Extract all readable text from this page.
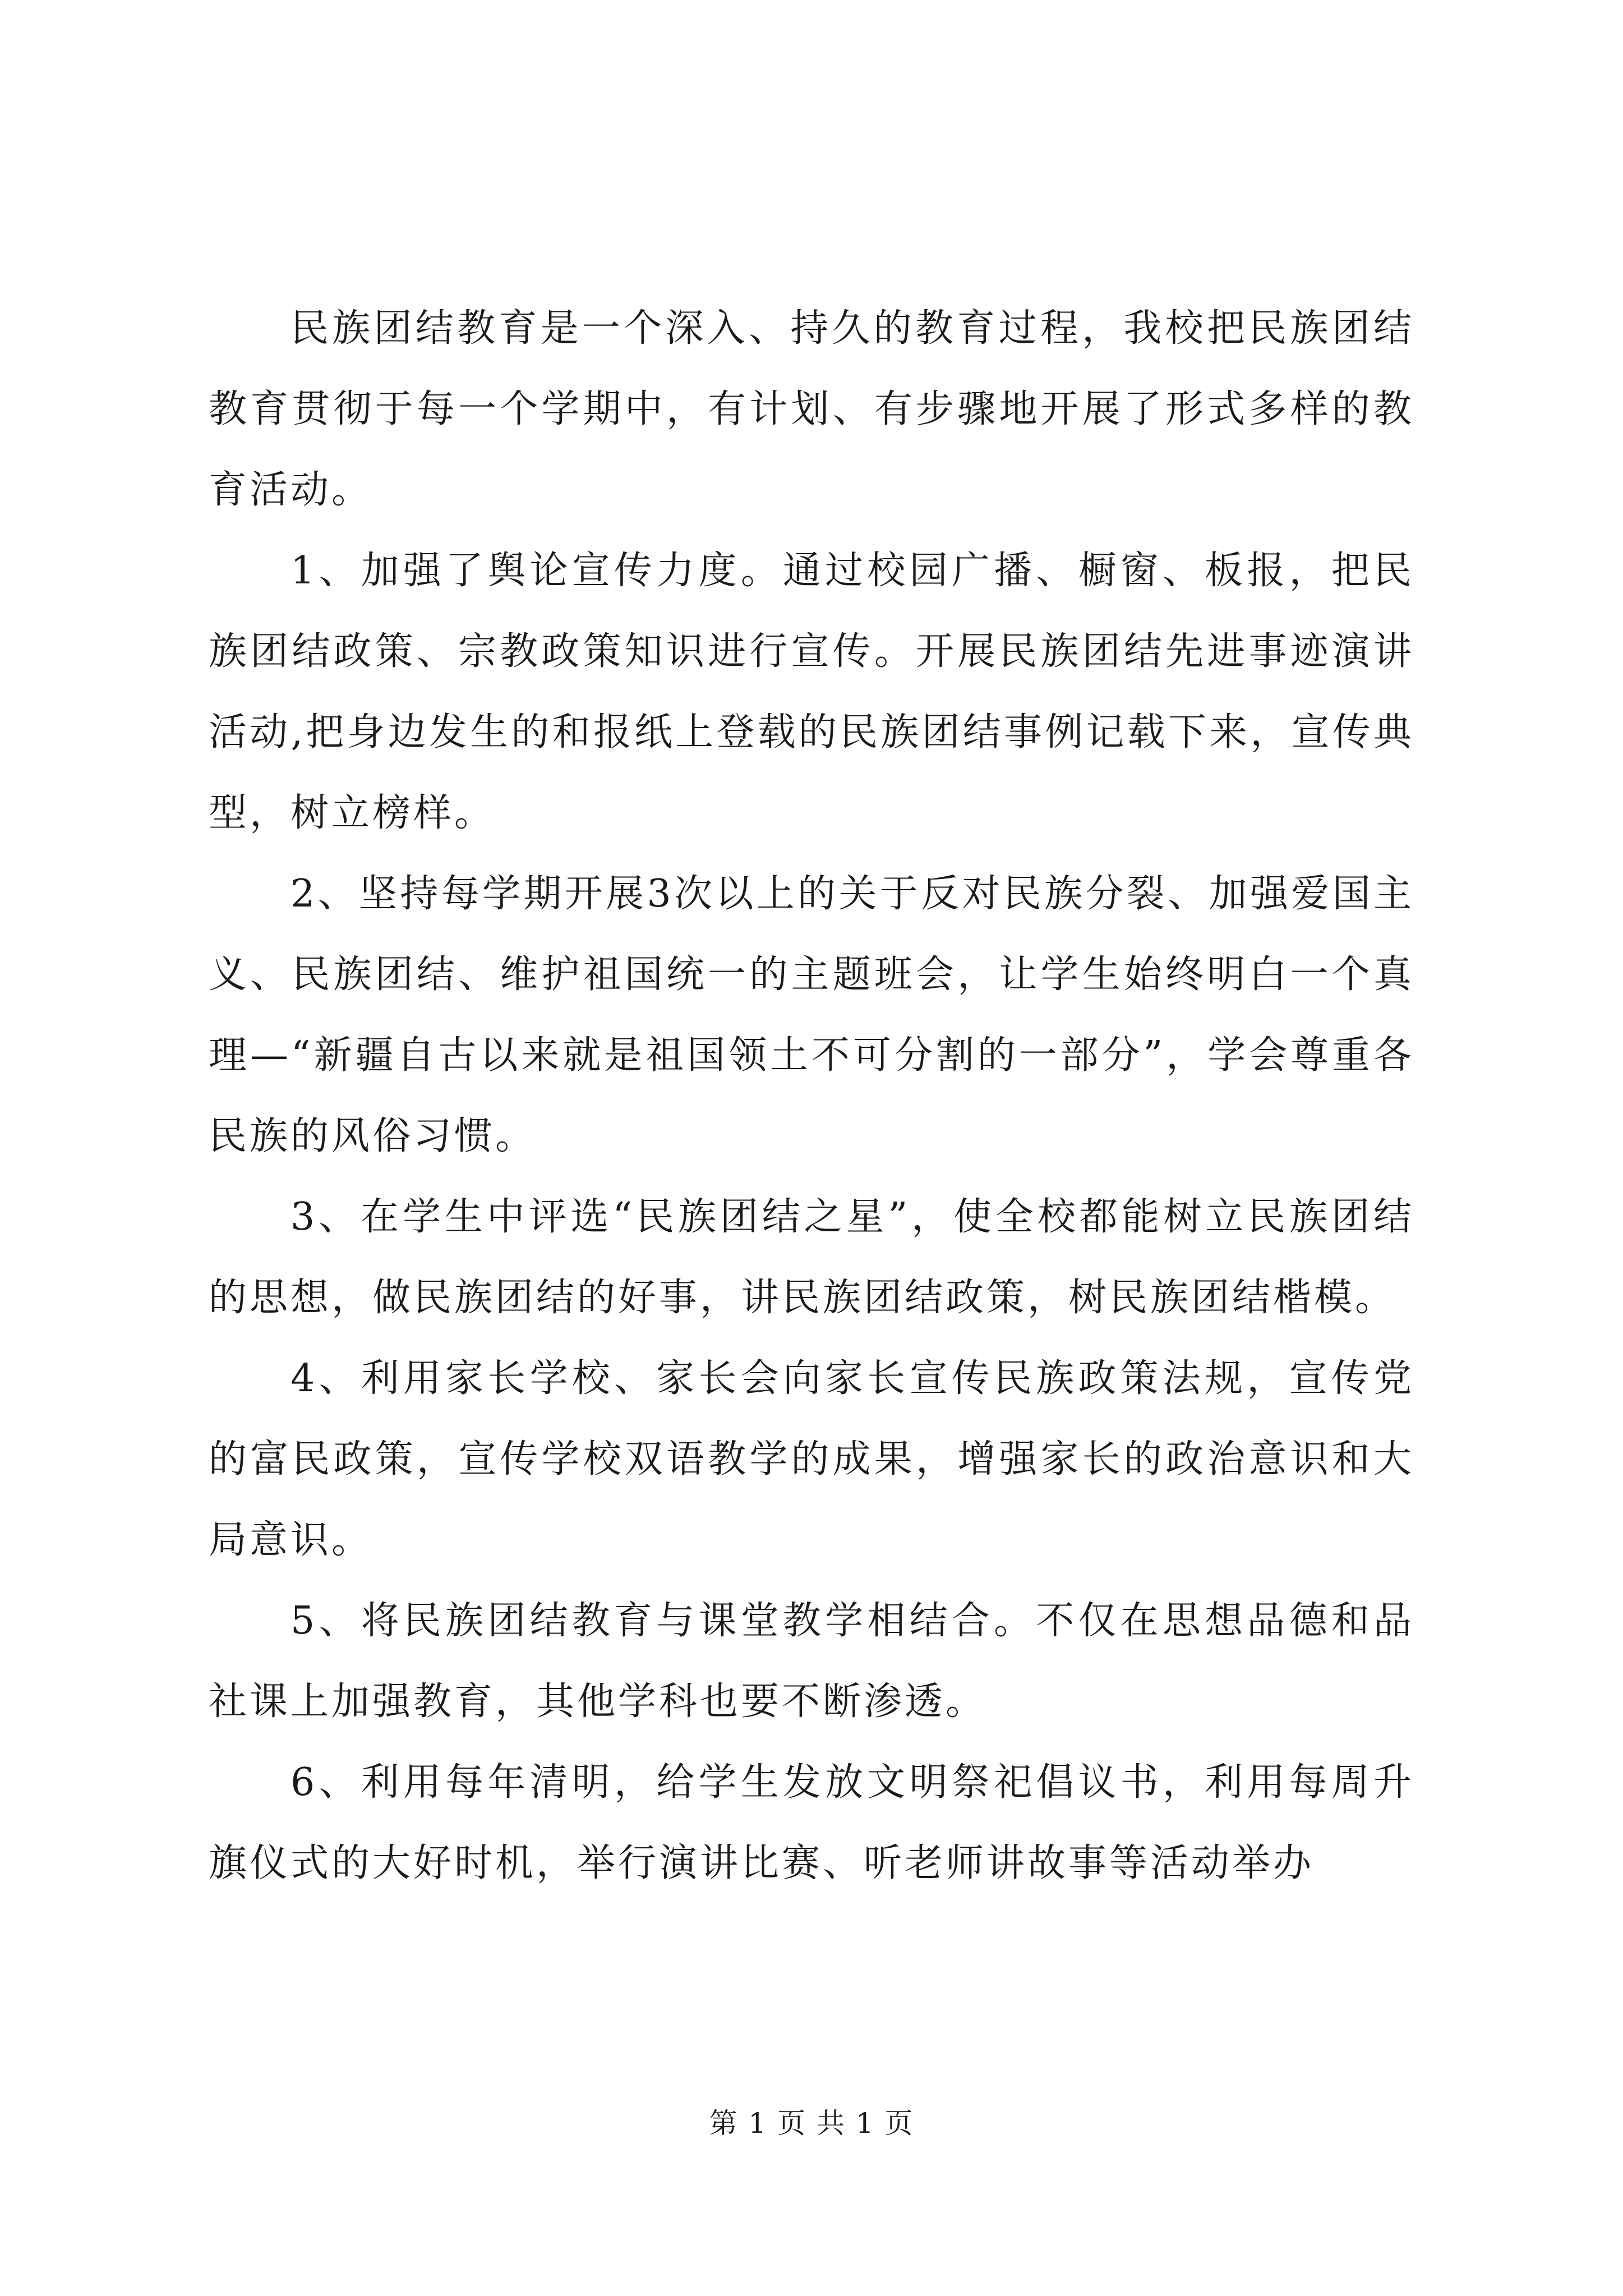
民族团结教育是一个深入、持久的教育过程，我校把民族团结教育贯彻于每一个学期中，有计划、有步骤地开展了形式多样的教育活动。

1、加强了舆论宣传力度。通过校园广播、橱窗、板报，把民族团结政策、宗教政策知识进行宣传。开展民族团结先进事迹演讲活动,把身边发生的和报纸上登载的民族团结事例记载下来，宣传典型，树立榜样。

2、坚持每学期开展3次以上的关于反对民族分裂、加强爱国主义、民族团结、维护祖国统一的主题班会，让学生始终明白一个真理—“新疆自古以来就是祖国领土不可分割的一部分”，学会尊重各民族的风俗习惯。

3、在学生中评选“民族团结之星”，使全校都能树立民族团结的思想，做民族团结的好事，讲民族团结政策，树民族团结楷模。

4、利用家长学校、家长会向家长宣传民族政策法规，宣传党的富民政策，宣传学校双语教学的成果，增强家长的政治意识和大局意识。

5、将民族团结教育与课堂教学相结合。不仅在思想品德和品社课上加强教育，其他学科也要不断渗透。

6、利用每年清明，给学生发放文明祭祀倡议书，利用每周升旗仪式的大好时机，举行演讲比赛、听老师讲故事等活动举办

第 1 页 共 1 页
